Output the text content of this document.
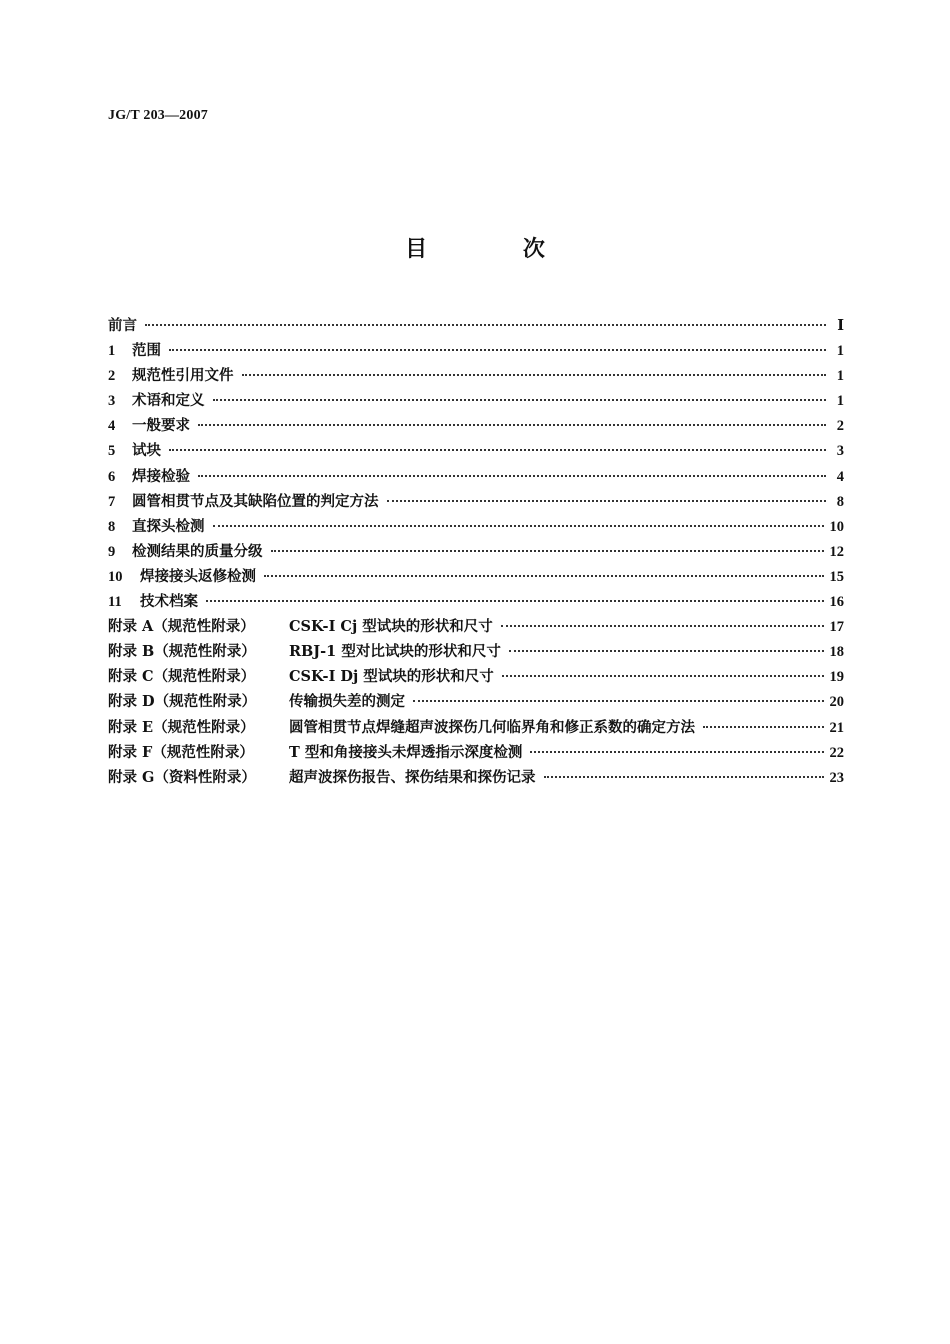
JG/T 203—2007
目 次
前言	Ⅰ
1 范围	1
2 规范性引用文件	1
3 术语和定义	1
4 一般要求	2
5 试块	3
6 焊接检验	4
7 圆管相贯节点及其缺陷位置的判定方法	8
8 直探头检测	10
9 检测结果的质量分级	12
10 焊接接头返修检测	15
11 技术档案	16
附录 A（规范性附录） CSK-Ⅰ Cj 型试块的形状和尺寸	17
附录 B（规范性附录） RBJ-1 型对比试块的形状和尺寸	18
附录 C（规范性附录） CSK-Ⅰ Dj 型试块的形状和尺寸	19
附录 D（规范性附录） 传输损失差的测定	20
附录 E（规范性附录） 圆管相贯节点焊缝超声波探伤几何临界角和修正系数的确定方法	21
附录 F（规范性附录） T 型和角接接头未焊透指示深度检测	22
附录 G（资料性附录） 超声波探伤报告、探伤结果和探伤记录	23
